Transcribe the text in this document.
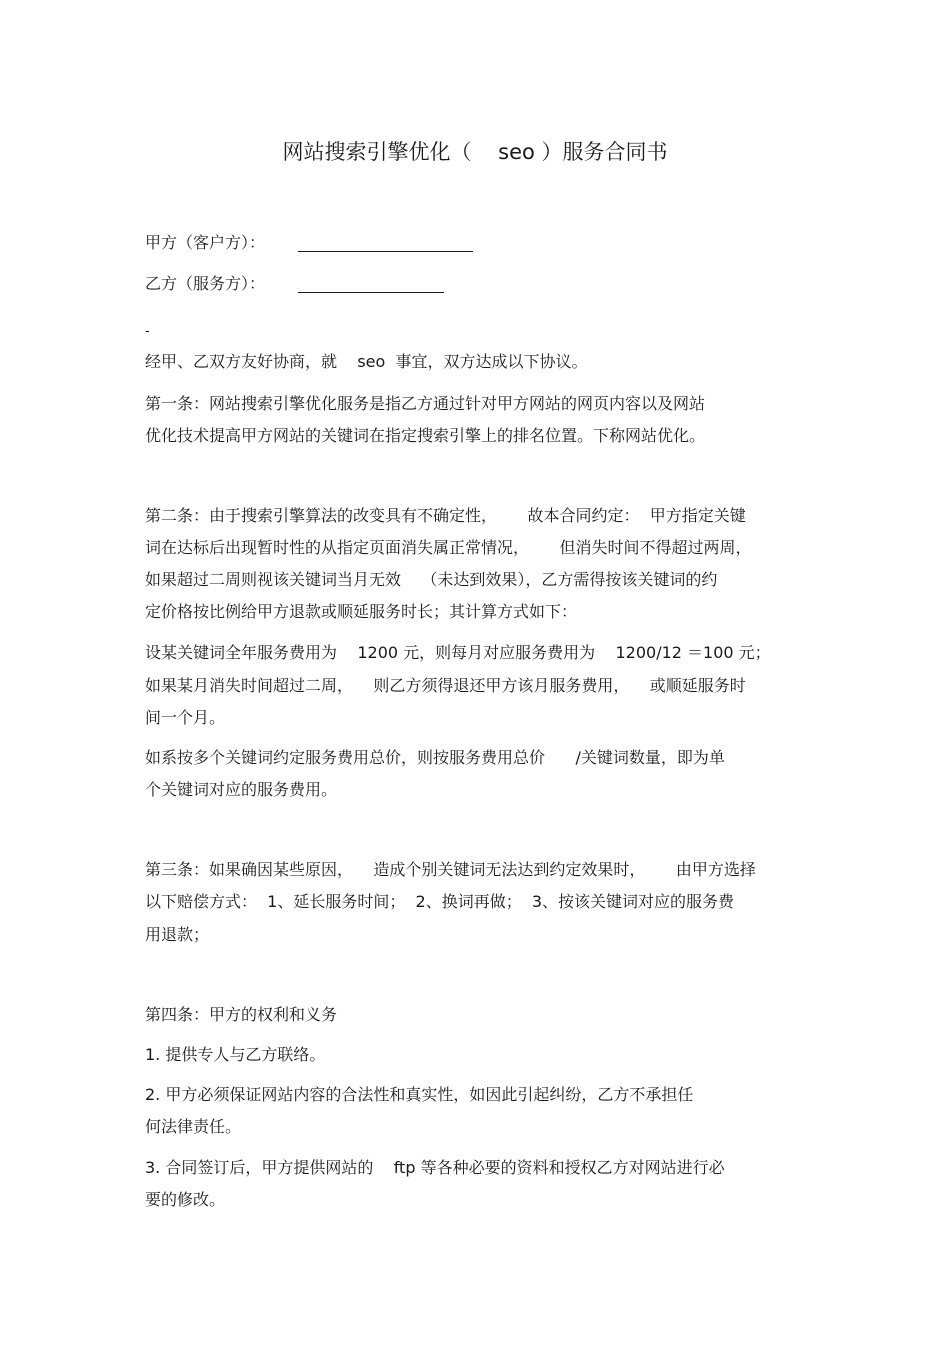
网站搜索引擎优化（    seo ）服务合同书
甲方（客户方）：
乙方（服务方）：
-
经甲、乙双方友好协商，就    seo  事宜，双方达成以下协议。
第一条：网站搜索引擎优化服务是指乙方通过针对甲方网站的网页内容以及网站
优化技术提高甲方网站的关键词在指定搜索引擎上的排名位置。下称网站优化。
第二条：由于搜索引擎算法的改变具有不确定性，      故本合同约定：  甲方指定关键
词在达标后出现暂时性的从指定页面消失属正常情况，      但消失时间不得超过两周，
如果超过二周则视该关键词当月无效    （未达到效果），乙方需得按该关键词的约
定价格按比例给甲方退款或顺延服务时长；其计算方式如下：
设某关键词全年服务费用为    1200 元，则每月对应服务费用为    1200/12 ＝100 元；
如果某月消失时间超过二周，    则乙方须得退还甲方该月服务费用，    或顺延服务时
间一个月。
如系按多个关键词约定服务费用总价，则按服务费用总价      /关键词数量，即为单
个关键词对应的服务费用。
第三条：如果确因某些原因，    造成个别关键词无法达到约定效果时，      由甲方选择
以下赔偿方式：  1、延长服务时间；  2、换词再做；  3、按该关键词对应的服务费
用退款；
第四条：甲方的权利和义务
1. 提供专人与乙方联络。
2. 甲方必须保证网站内容的合法性和真实性，如因此引起纠纷，乙方不承担任
何法律责任。
3. 合同签订后，甲方提供网站的    ftp 等各种必要的资料和授权乙方对网站进行必
要的修改。
